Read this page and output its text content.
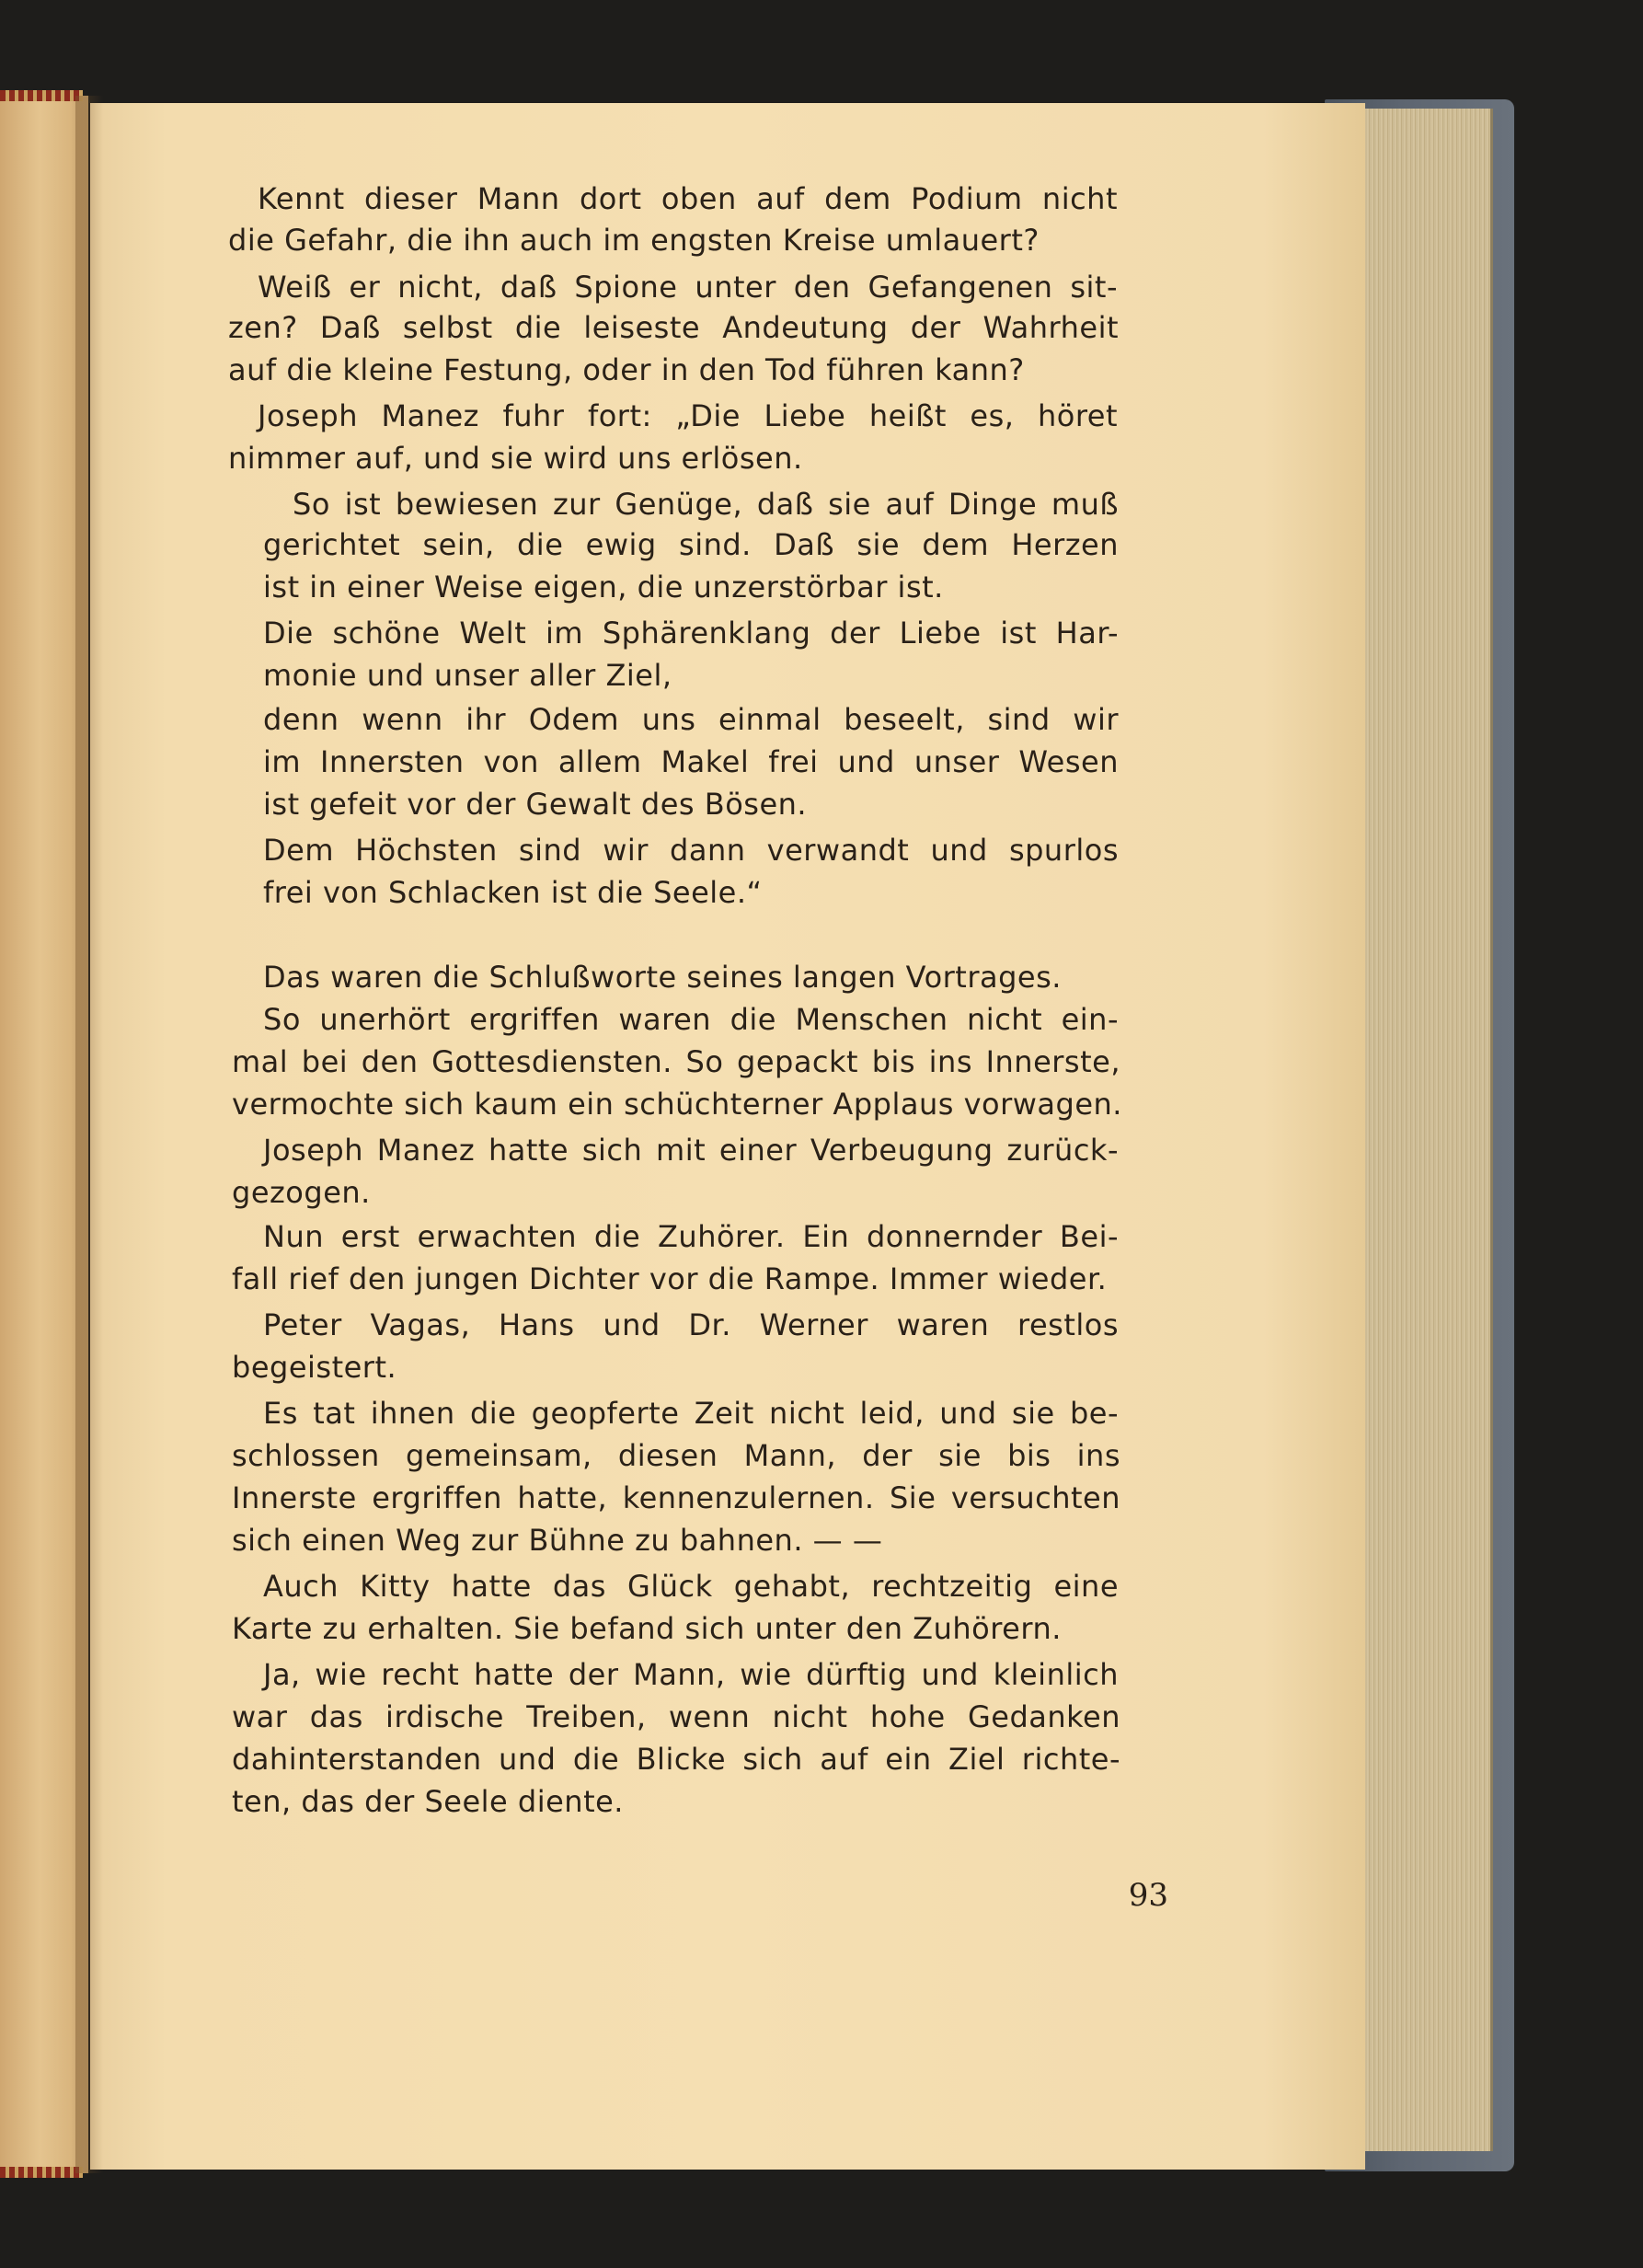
Kennt dieser Mann dort oben auf dem Podium nicht
die Gefahr, die ihn auch im engsten Kreise umlauert?
Weiß er nicht, daß Spione unter den Gefangenen sit-
zen? Daß selbst die leiseste Andeutung der Wahrheit
auf die kleine Festung, oder in den Tod führen kann?
Joseph Manez fuhr fort: „Die Liebe heißt es, höret
nimmer auf, und sie wird uns erlösen.
So ist bewiesen zur Genüge, daß sie auf Dinge muß
gerichtet sein, die ewig sind. Daß sie dem Herzen
ist in einer Weise eigen, die unzerstörbar ist.
Die schöne Welt im Sphärenklang der Liebe ist Har-
monie und unser aller Ziel,
denn wenn ihr Odem uns einmal beseelt, sind wir
im Innersten von allem Makel frei und unser Wesen
ist gefeit vor der Gewalt des Bösen.
Dem Höchsten sind wir dann verwandt und spurlos
frei von Schlacken ist die Seele.“
Das waren die Schlußworte seines langen Vortrages.
So unerhört ergriffen waren die Menschen nicht ein-
mal bei den Gottesdiensten. So gepackt bis ins Innerste,
vermochte sich kaum ein schüchterner Applaus vorwagen.
Joseph Manez hatte sich mit einer Verbeugung zurück-
gezogen.
Nun erst erwachten die Zuhörer. Ein donnernder Bei-
fall rief den jungen Dichter vor die Rampe. Immer wieder.
Peter Vagas, Hans und Dr. Werner waren restlos
begeistert.
Es tat ihnen die geopferte Zeit nicht leid, und sie be-
schlossen gemeinsam, diesen Mann, der sie bis ins
Innerste ergriffen hatte, kennenzulernen. Sie versuchten
sich einen Weg zur Bühne zu bahnen. — —
Auch Kitty hatte das Glück gehabt, rechtzeitig eine
Karte zu erhalten. Sie befand sich unter den Zuhörern.
Ja, wie recht hatte der Mann, wie dürftig und kleinlich
war das irdische Treiben, wenn nicht hohe Gedanken
dahinterstanden und die Blicke sich auf ein Ziel richte-
ten, das der Seele diente.
93
